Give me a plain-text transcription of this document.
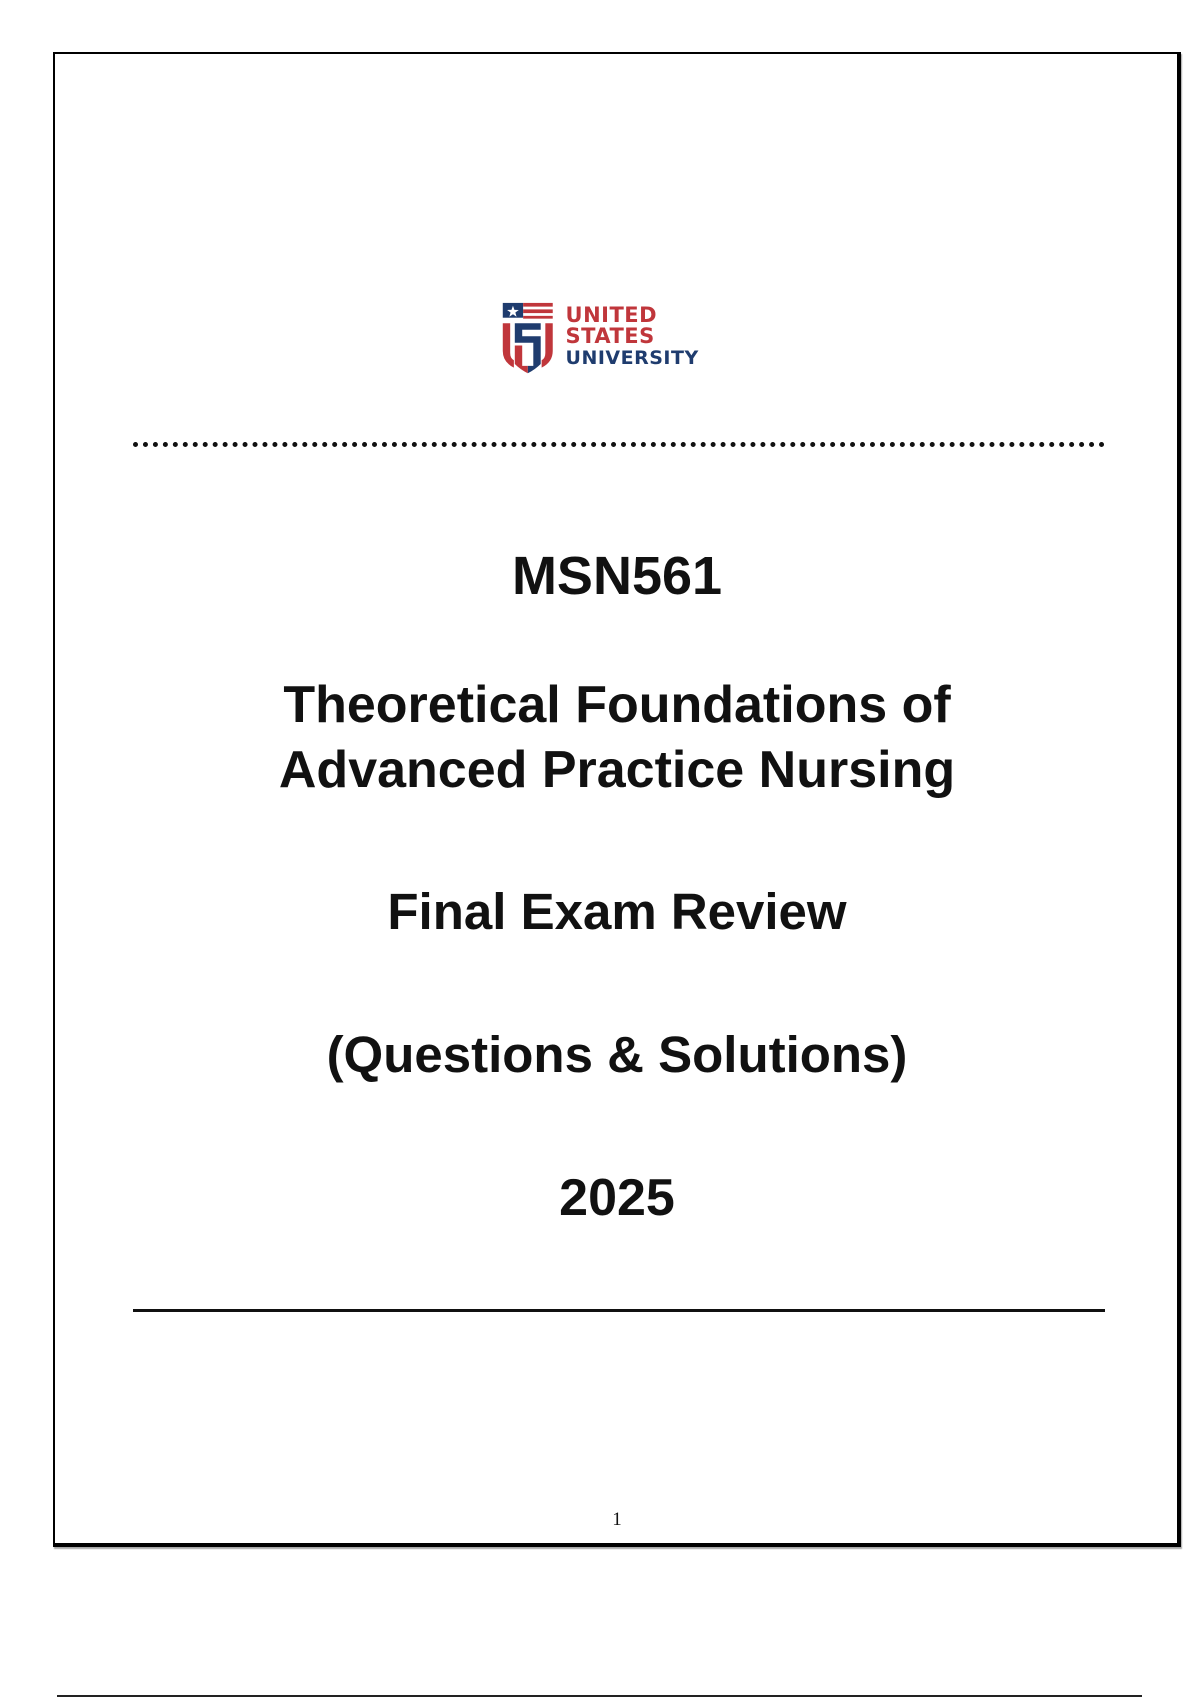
UNITED STATES
UNIVERSITY
MSN561
Theoretical Foundations of
Advanced Practice Nursing
Final Exam Review
(Questions & Solutions)
2025
1
